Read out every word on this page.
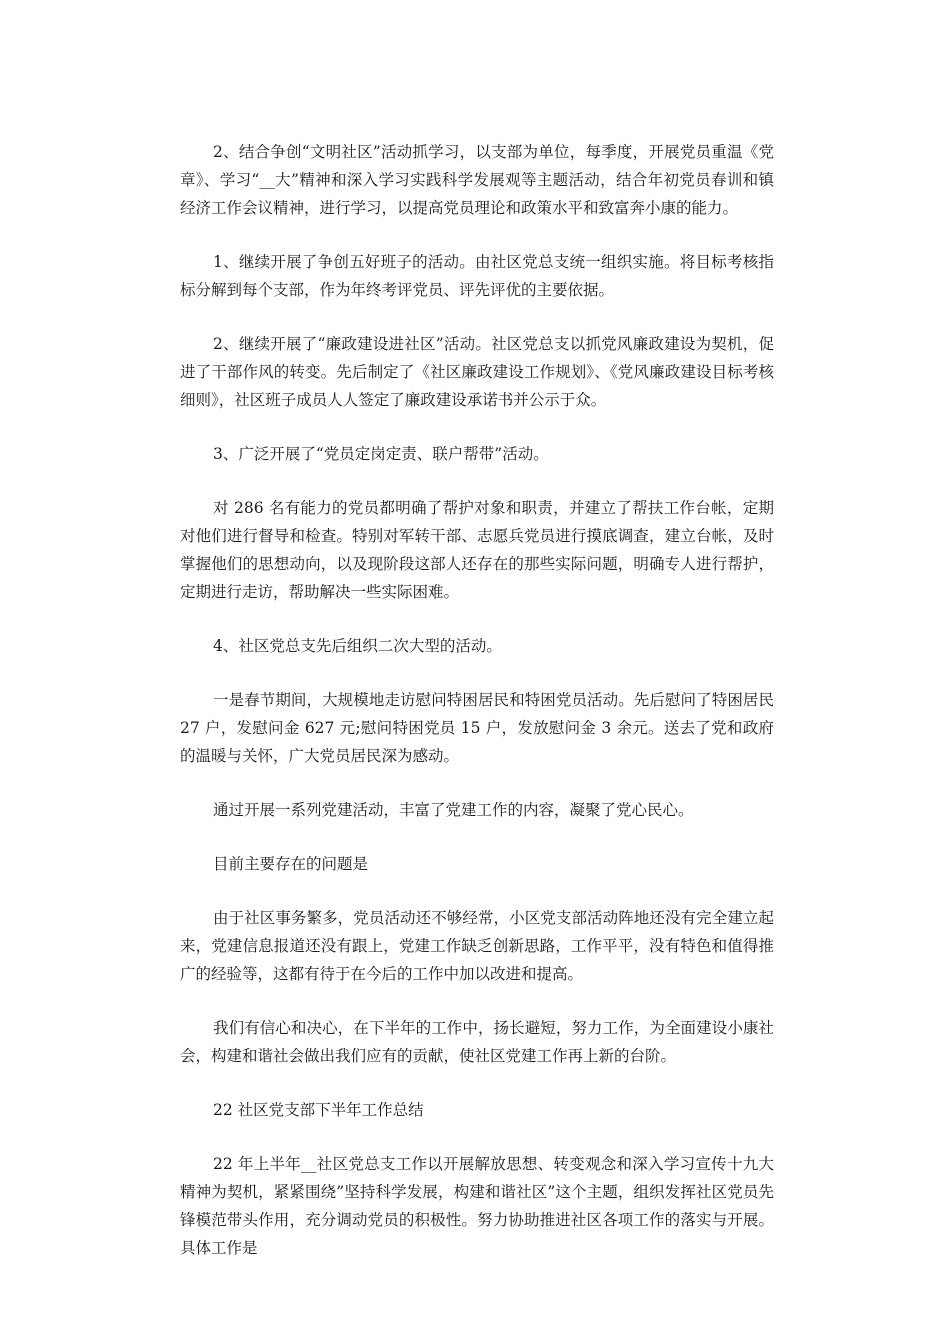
2、结合争创“文明社区”活动抓学习，以支部为单位，每季度，开展党员重温《党章》、学习“__大”精神和深入学习实践科学发展观等主题活动，结合年初党员春训和镇经济工作会议精神，进行学习，以提高党员理论和政策水平和致富奔小康的能力。

1、继续开展了争创五好班子的活动。由社区党总支统一组织实施。将目标考核指标分解到每个支部，作为年终考评党员、评先评优的主要依据。

2、继续开展了“廉政建设进社区”活动。社区党总支以抓党风廉政建设为契机，促进了干部作风的转变。先后制定了《社区廉政建设工作规划》、《党风廉政建设目标考核细则》，社区班子成员人人签定了廉政建设承诺书并公示于众。

3、广泛开展了“党员定岗定责、联户帮带”活动。

对 286 名有能力的党员都明确了帮护对象和职责，并建立了帮扶工作台帐，定期对他们进行督导和检查。特别对军转干部、志愿兵党员进行摸底调查，建立台帐，及时掌握他们的思想动向，以及现阶段这部人还存在的那些实际问题，明确专人进行帮护，定期进行走访，帮助解决一些实际困难。

4、社区党总支先后组织二次大型的活动。

一是春节期间，大规模地走访慰问特困居民和特困党员活动。先后慰问了特困居民 27 户，发慰问金 627 元;慰问特困党员 15 户，发放慰问金 3 余元。送去了党和政府的温暖与关怀，广大党员居民深为感动。

通过开展一系列党建活动，丰富了党建工作的内容，凝聚了党心民心。

目前主要存在的问题是

由于社区事务繁多，党员活动还不够经常，小区党支部活动阵地还没有完全建立起来，党建信息报道还没有跟上，党建工作缺乏创新思路，工作平平，没有特色和值得推广的经验等，这都有待于在今后的工作中加以改进和提高。

我们有信心和决心，在下半年的工作中，扬长避短，努力工作，为全面建设小康社会，构建和谐社会做出我们应有的贡献，使社区党建工作再上新的台阶。

22 社区党支部下半年工作总结

22 年上半年__社区党总支工作以开展解放思想、转变观念和深入学习宣传十九大精神为契机，紧紧围绕”坚持科学发展，构建和谐社区”这个主题，组织发挥社区党员先锋模范带头作用，充分调动党员的积极性。努力协助推进社区各项工作的落实与开展。具体工作是
